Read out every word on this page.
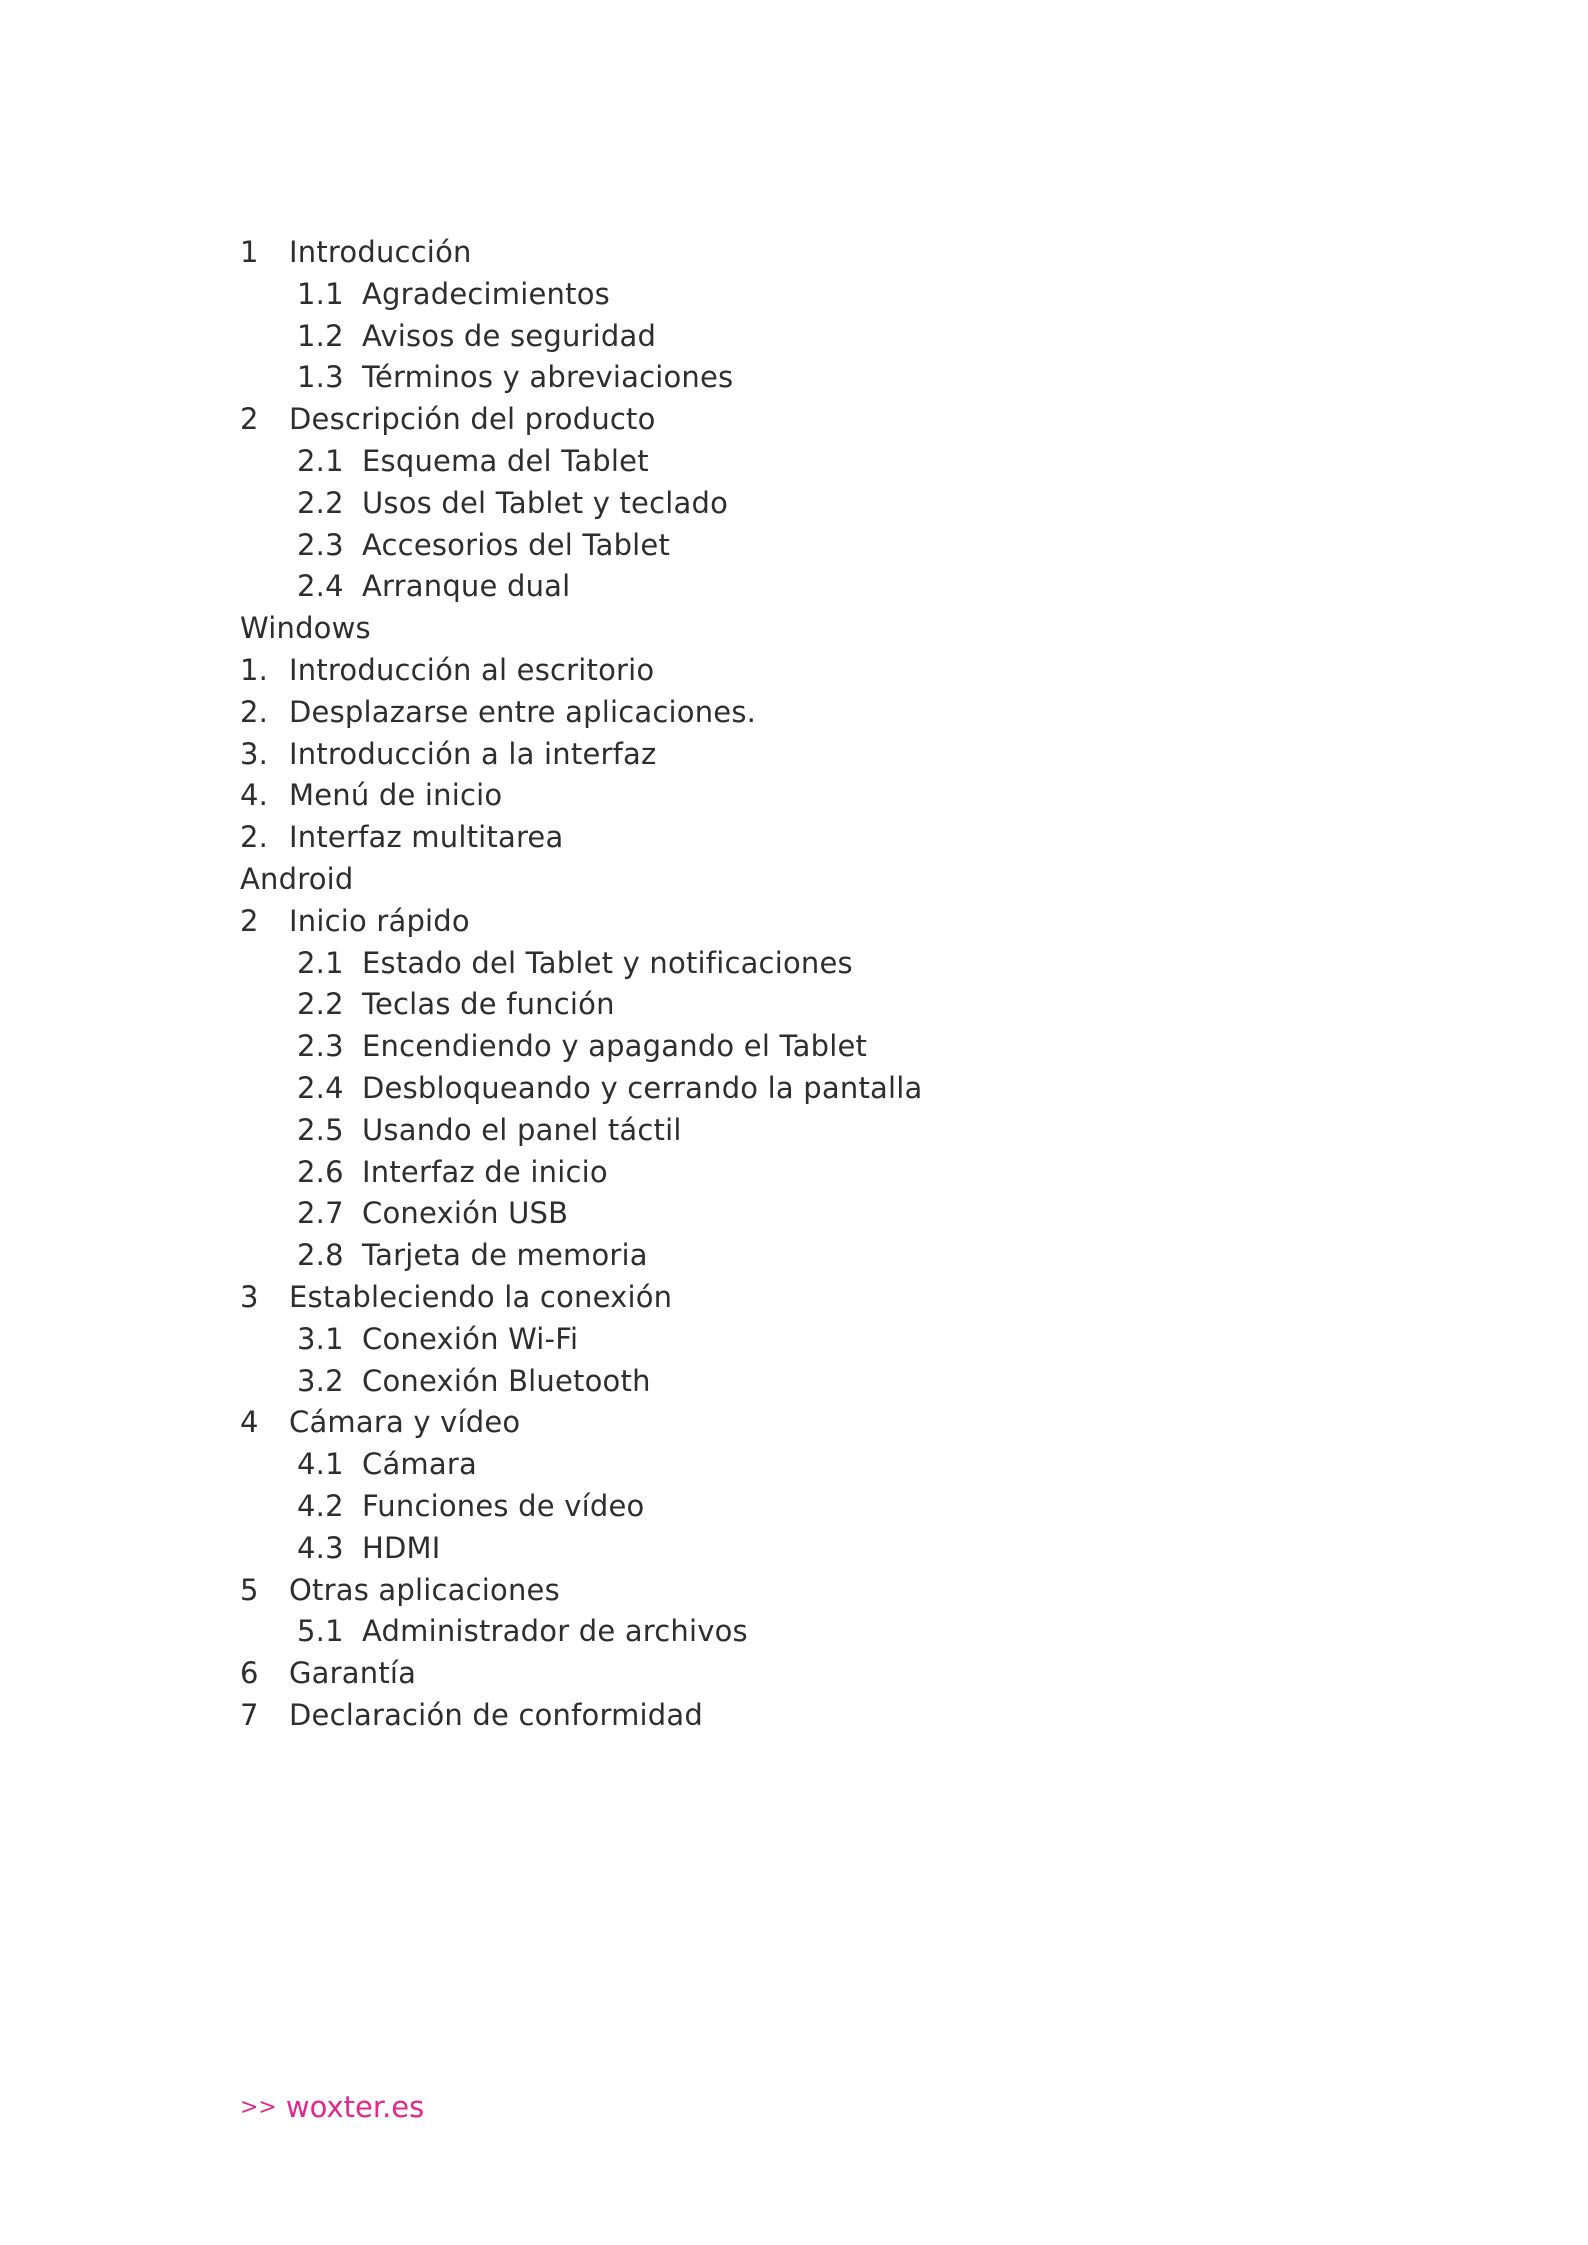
1 Introducción
1.1 Agradecimientos
1.2 Avisos de seguridad
1.3 Términos y abreviaciones
2 Descripción del producto
2.1 Esquema del Tablet
2.2 Usos del Tablet y teclado
2.3 Accesorios del Tablet
2.4 Arranque dual
Windows
1. Introducción al escritorio
2. Desplazarse entre aplicaciones.
3. Introducción a la interfaz
4. Menú de inicio
2. Interfaz multitarea
Android
2 Inicio rápido
2.1 Estado del Tablet y notificaciones
2.2 Teclas de función
2.3 Encendiendo y apagando el Tablet
2.4 Desbloqueando y cerrando la pantalla
2.5 Usando el panel táctil
2.6 Interfaz de inicio
2.7 Conexión USB
2.8 Tarjeta de memoria
3 Estableciendo la conexión
3.1 Conexión Wi-Fi
3.2 Conexión Bluetooth
4 Cámara y vídeo
4.1 Cámara
4.2 Funciones de vídeo
4.3 HDMI
5 Otras aplicaciones
5.1 Administrador de archivos
6 Garantía
7 Declaración de conformidad
>> woxter.es
